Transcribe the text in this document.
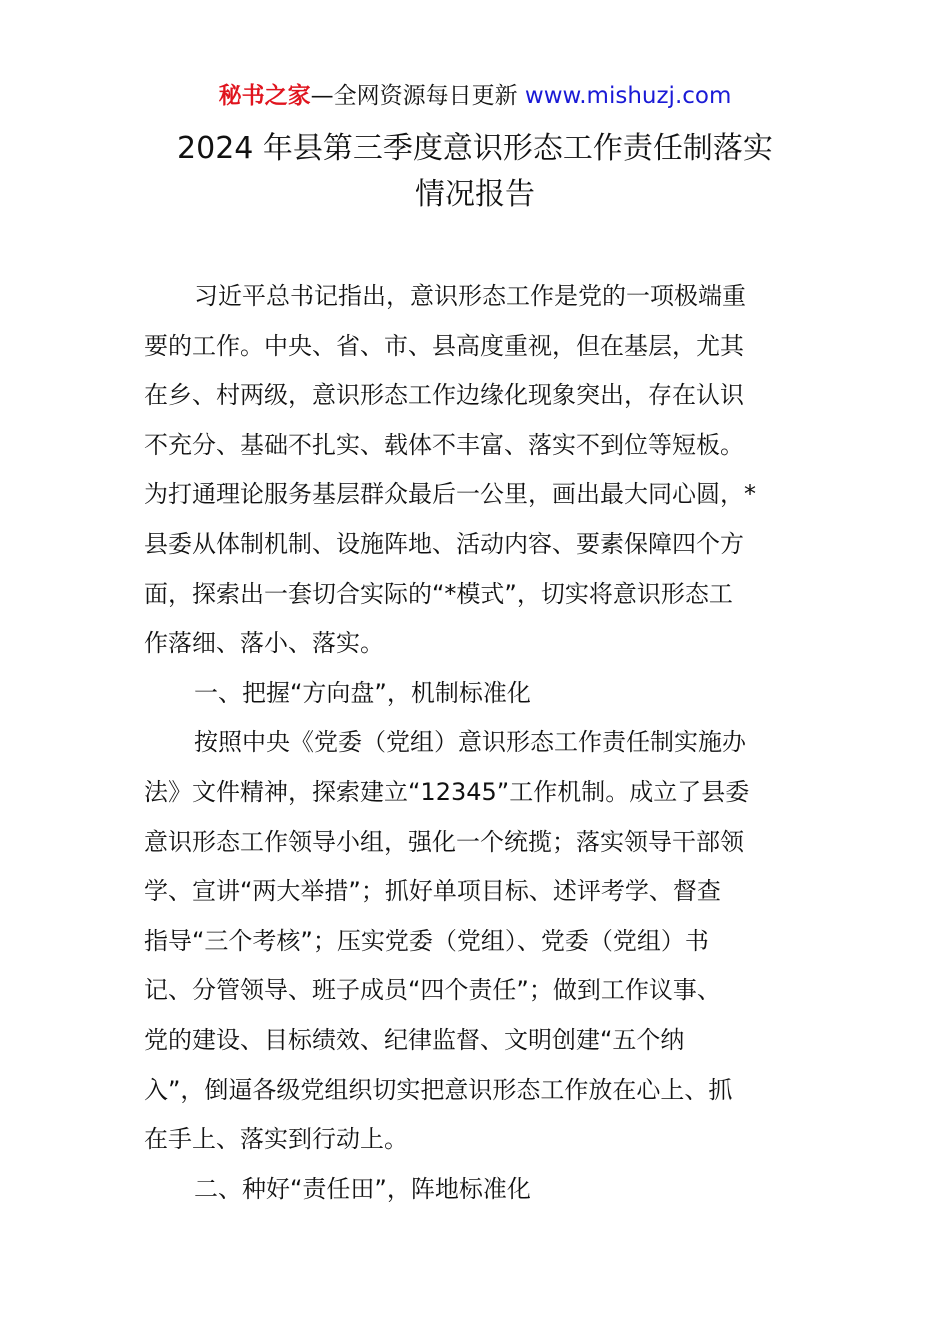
秘书之家—全网资源每日更新 www.mishuzj.com
2024 年县第三季度意识形态工作责任制落实
情况报告
习近平总书记指出，意识形态工作是党的一项极端重
要的工作。中央、省、市、县高度重视，但在基层，尤其
在乡、村两级，意识形态工作边缘化现象突出，存在认识
不充分、基础不扎实、载体不丰富、落实不到位等短板。
为打通理论服务基层群众最后一公里，画出最大同心圆，*
县委从体制机制、设施阵地、活动内容、要素保障四个方
面，探索出一套切合实际的“*模式”，切实将意识形态工
作落细、落小、落实。
一、把握“方向盘”，机制标准化
按照中央《党委（党组）意识形态工作责任制实施办
法》文件精神，探索建立“12345”工作机制。成立了县委
意识形态工作领导小组，强化一个统揽；落实领导干部领
学、宣讲“两大举措”；抓好单项目标、述评考学、督查
指导“三个考核”；压实党委（党组）、党委（党组）书
记、分管领导、班子成员“四个责任”；做到工作议事、
党的建设、目标绩效、纪律监督、文明创建“五个纳
入”，倒逼各级党组织切实把意识形态工作放在心上、抓
在手上、落实到行动上。
二、种好“责任田”，阵地标准化
